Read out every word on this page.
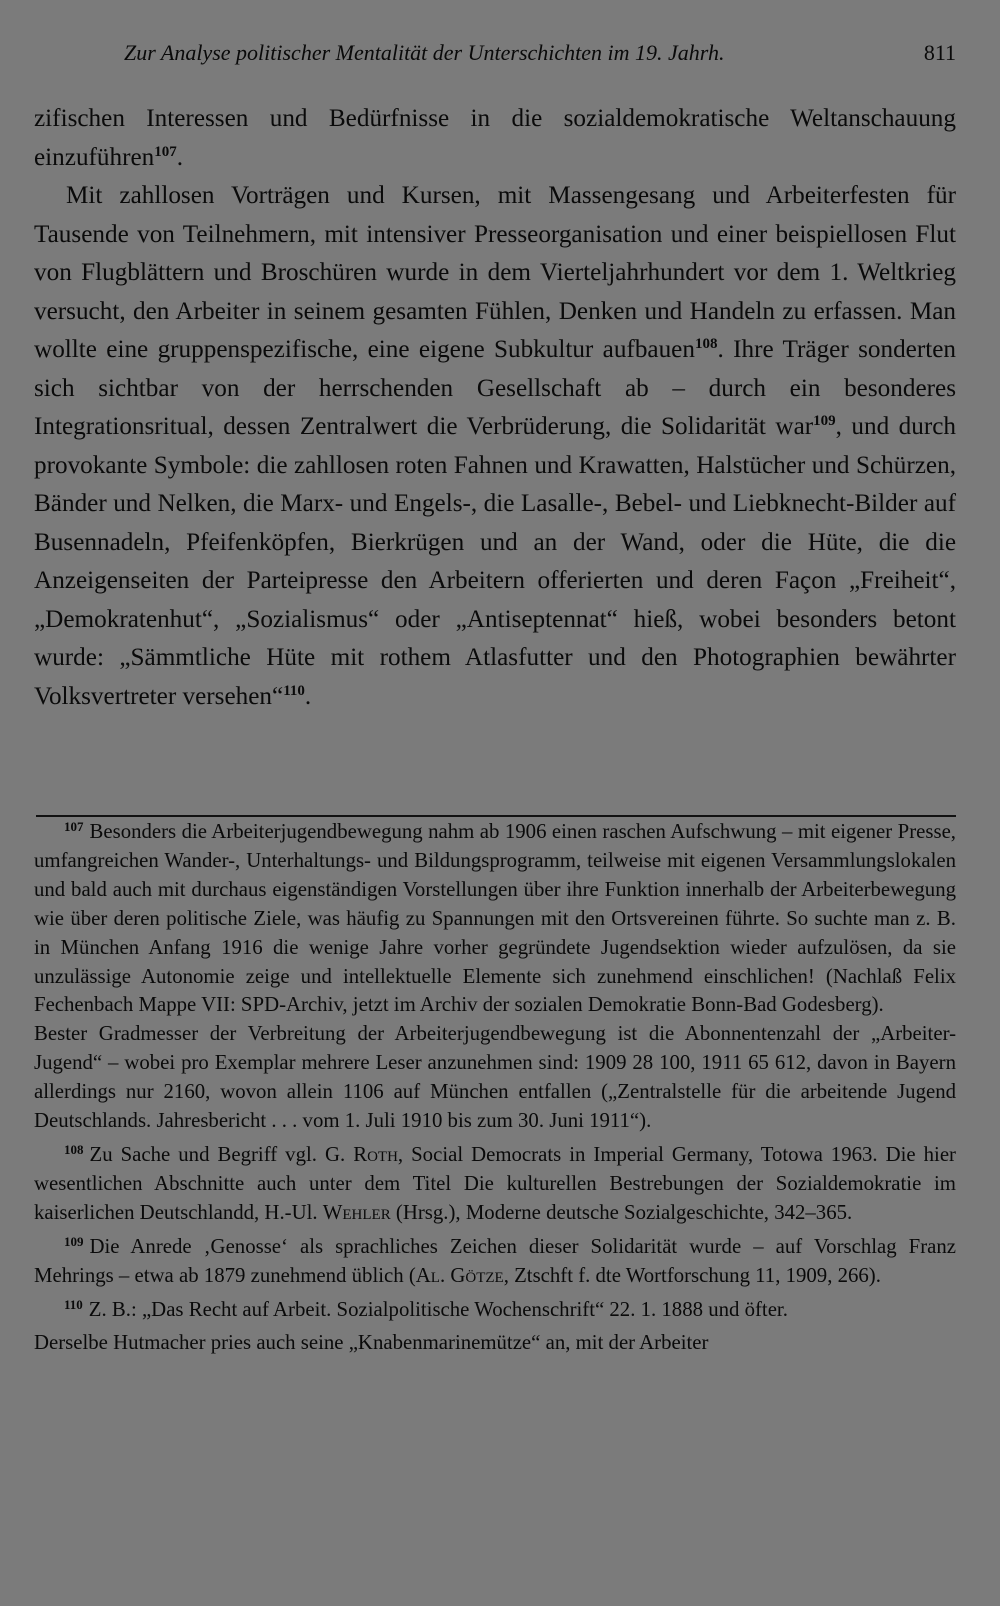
Zur Analyse politischer Mentalität der Unterschichten im 19. Jahrh.	811

zifischen Interessen und Bedürfnisse in die sozialdemokratische Weltanschauung einzuführen$^{107}$.

Mit zahllosen Vorträgen und Kursen, mit Massengesang und Arbeiterfesten für Tausende von Teilnehmern, mit intensiver Presseorganisation und einer beispiellosen Flut von Flugblättern und Broschüren wurde in dem Vierteljahrhundert vor dem 1. Weltkrieg versucht, den Arbeiter in seinem gesamten Fühlen, Denken und Handeln zu erfassen. Man wollte eine gruppenspezifische, eine eigene Subkultur aufbauen$^{108}$. Ihre Träger sonderten sich sichtbar von der herrschenden Gesellschaft ab – durch ein besonderes Integrationsritual, dessen Zentralwert die Verbrüderung, die Solidarität war$^{109}$, und durch provokante Symbole: die zahllosen roten Fahnen und Krawatten, Halstücher und Schürzen, Bänder und Nelken, die Marx- und Engels-, die Lasalle-, Bebel- und Liebknecht-Bilder auf Busennadeln, Pfeifenköpfen, Bierkrügen und an der Wand, oder die Hüte, die die Anzeigenseiten der Parteipresse den Arbeitern offerierten und deren Façon „Freiheit“, „Demokratenhut“, „Sozialismus“ oder „Antiseptennat“ hieß, wobei besonders betont wurde: „Sämmtliche Hüte mit rothem Atlasfutter und den Photographien bewährter Volksvertreter versehen“$^{110}$.

$^{107}$ Besonders die Arbeiterjugendbewegung nahm ab 1906 einen raschen Aufschwung – mit eigener Presse, umfangreichen Wander-, Unterhaltungs- und Bildungsprogramm, teilweise mit eigenen Versammlungslokalen und bald auch mit durchaus eigenständigen Vorstellungen über ihre Funktion innerhalb der Arbeiterbewegung wie über deren politische Ziele, was häufig zu Spannungen mit den Ortsvereinen führte. So suchte man z. B. in München Anfang 1916 die wenige Jahre vorher gegründete Jugendsektion wieder aufzulösen, da sie unzulässige Autonomie zeige und intellektuelle Elemente sich zunehmend einschlichen! (Nachlaß Felix Fechenbach Mappe VII: SPD-Archiv, jetzt im Archiv der sozialen Demokratie Bonn-Bad Godesberg).

Bester Gradmesser der Verbreitung der Arbeiterjugendbewegung ist die Abonnentenzahl der „Arbeiter-Jugend“ – wobei pro Exemplar mehrere Leser anzunehmen sind: 1909 28 100, 1911 65 612, davon in Bayern allerdings nur 2160, wovon allein 1106 auf München entfallen („Zentralstelle für die arbeitende Jugend Deutschlands. Jahresbericht . . . vom 1. Juli 1910 bis zum 30. Juni 1911“).

$^{108}$ Zu Sache und Begriff vgl. G. Roth, Social Democrats in Imperial Germany, Totowa 1963. Die hier wesentlichen Abschnitte auch unter dem Titel Die kulturellen Bestrebungen der Sozialdemokratie im kaiserlichen Deutschlandd, H.-Ul. Wehler (Hrsg.), Moderne deutsche Sozialgeschichte, 342–365.

$^{109}$ Die Anrede ‚Genosse‘ als sprachliches Zeichen dieser Solidarität wurde – auf Vorschlag Franz Mehrings – etwa ab 1879 zunehmend üblich (Al. Götze, Ztschft f. dte Wortforschung 11, 1909, 266).

$^{110}$ Z. B.: „Das Recht auf Arbeit. Sozialpolitische Wochenschrift“ 22. 1. 1888 und öfter.

Derselbe Hutmacher pries auch seine „Knabenmarinemütze“ an, mit der Arbeiter
